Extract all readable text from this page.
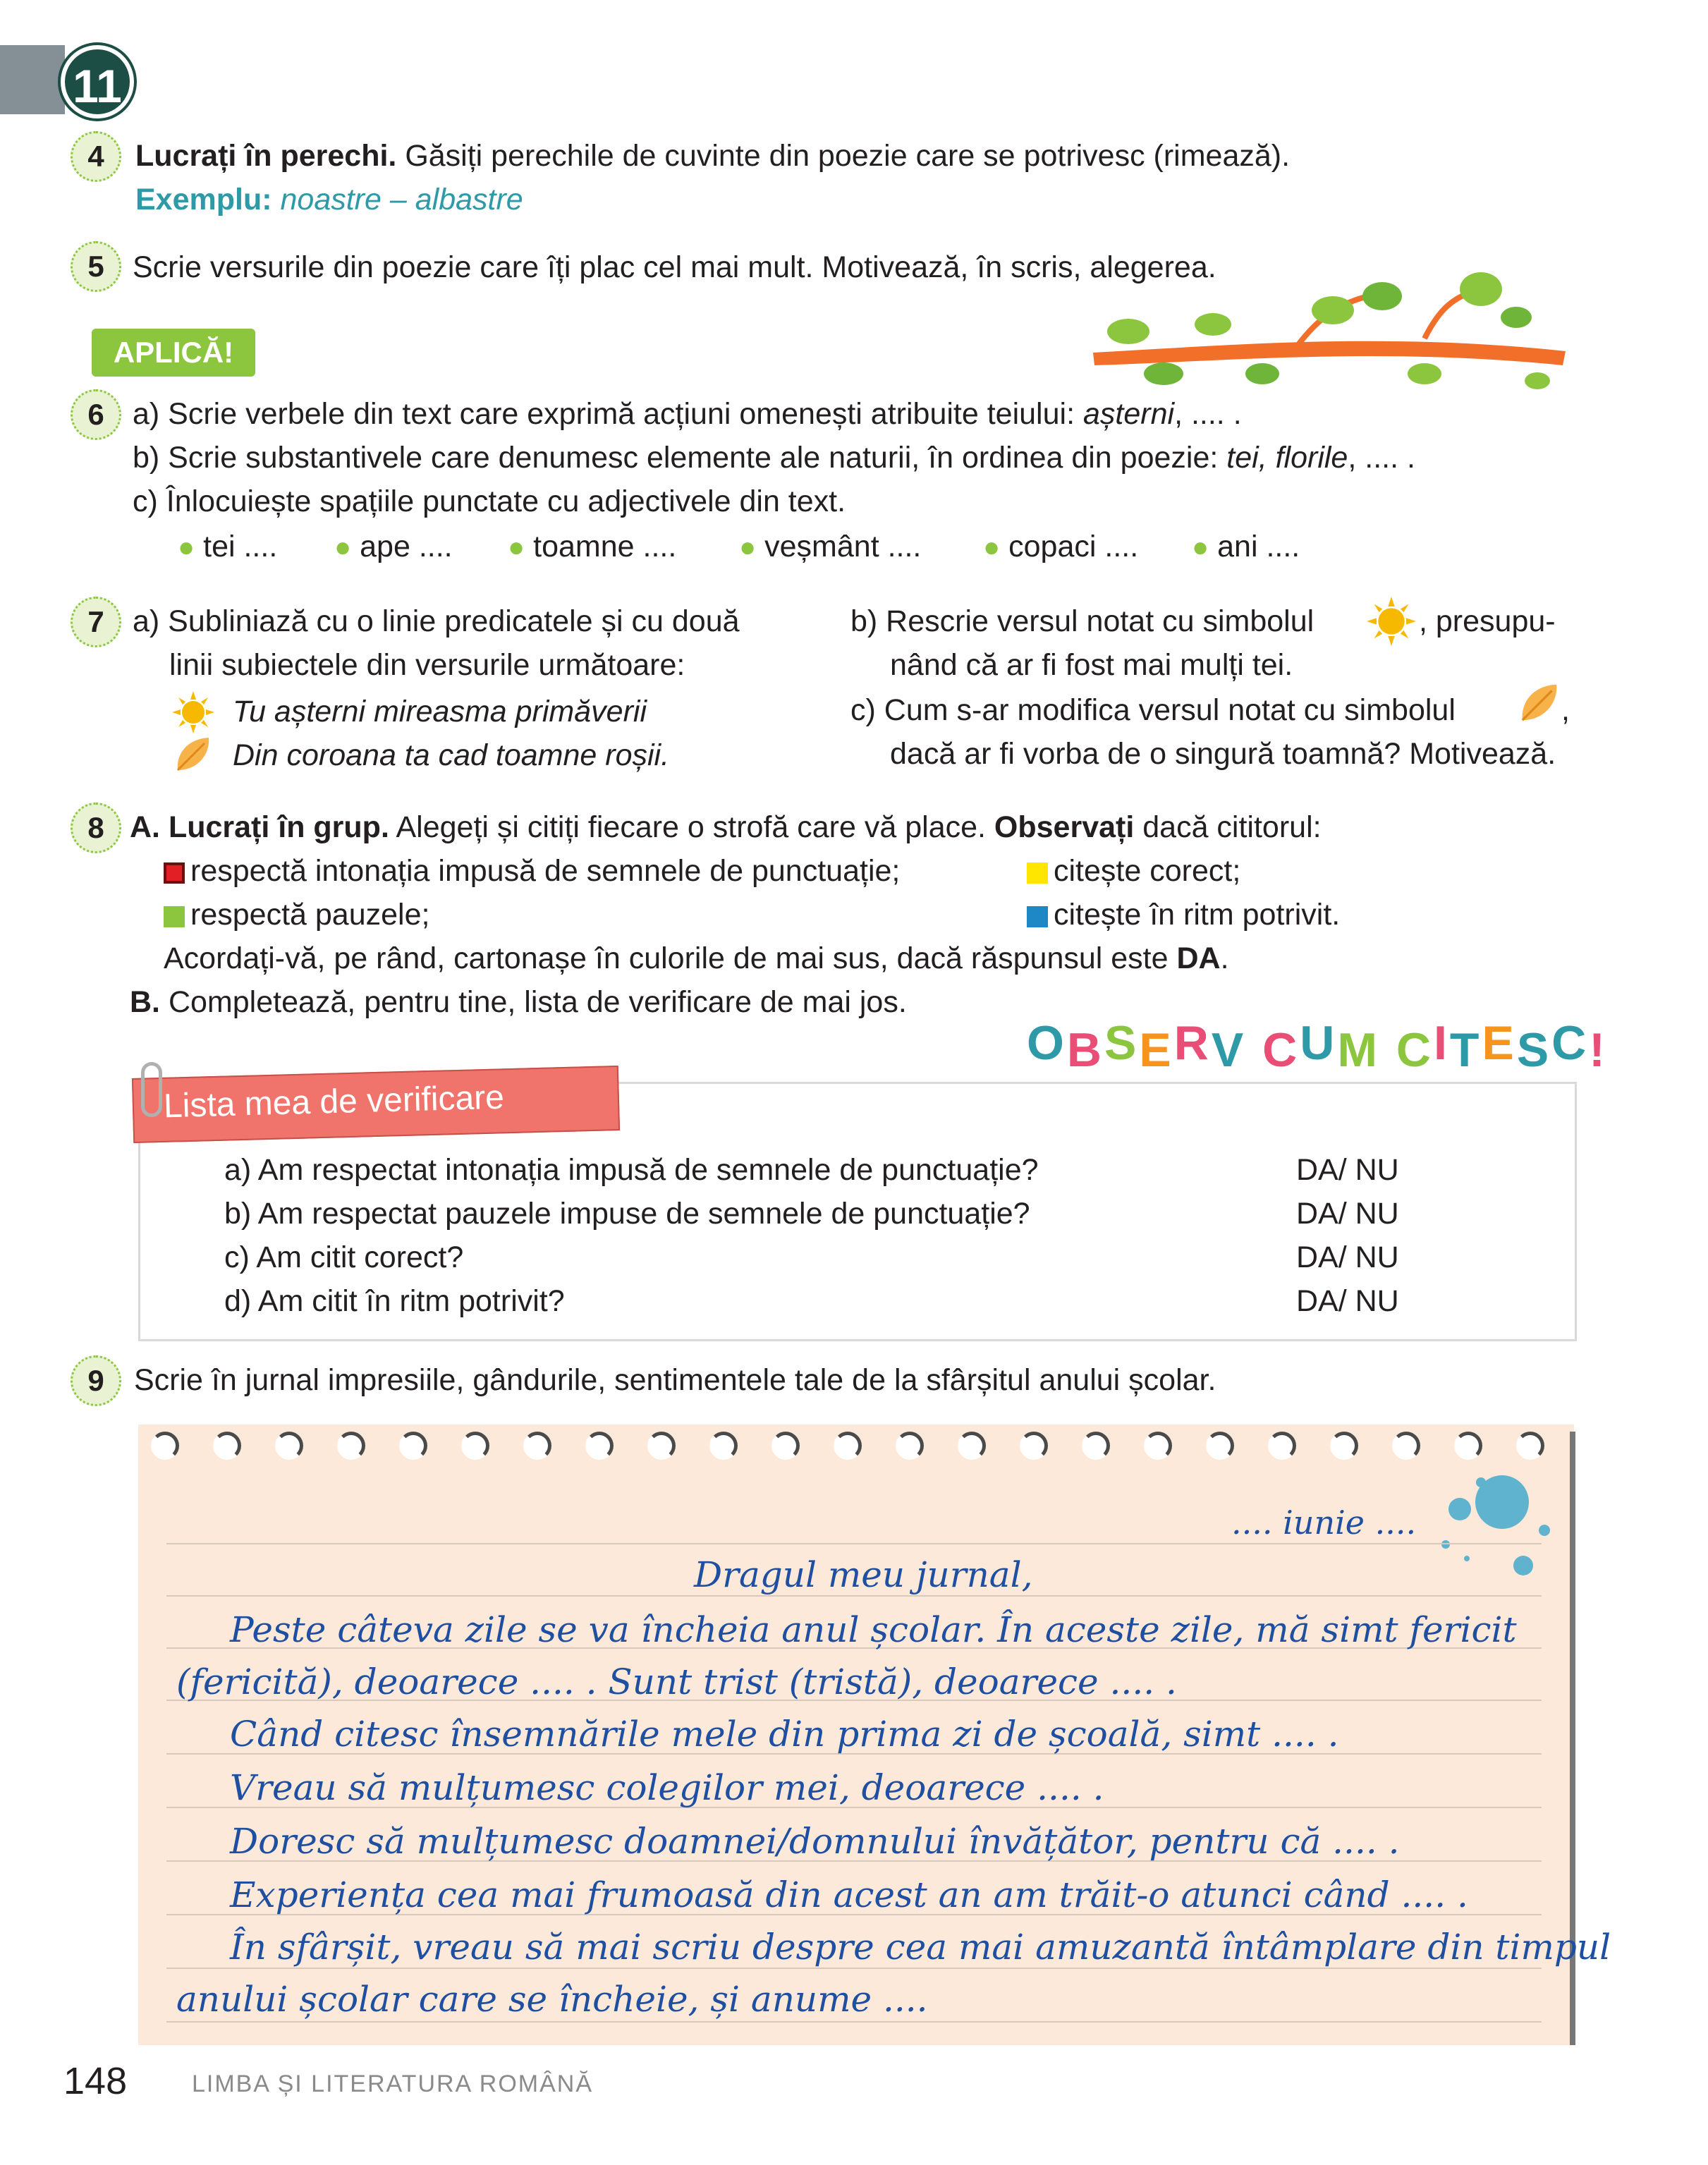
11
4	Lucrați în perechi. Găsiți perechile de cuvinte din poezie care se potrivesc (rimează).
Exemplu: noastre – albastre
5 Scrie versurile din poezie care îți plac cel mai mult. Motivează, în scris, alegerea.
APLICĂ!
6 a) Scrie verbele din text care exprimă acțiuni omenești atribuite teiului: așterni, .... .
b) Scrie substantivele care denumesc elemente ale naturii, în ordinea din poezie: tei, florile, .... .
c) Înlocuiește spațiile punctate cu adjectivele din text.
● tei .... ● ape .... ● toamne .... ● veșmânt .... ● copaci .... ● ani ....
7 a) Subliniază cu o linie predicatele și cu două
linii subiectele din versurile următoare:
Tu așterni mireasma primăverii
Din coroana ta cad toamne roșii.
b) Rescrie versul notat cu simbolul	, presupu-
nând că ar fi fost mai mulți tei.
c) Cum s-ar modifica versul notat cu simbolul	,
dacă ar fi vorba de o singură toamnă? Motivează.
8 A. Lucrați în grup. Alegeți și citiți fiecare o strofă care vă place. Observați dacă cititorul:
respectă intonația impusă de semnele de punctuație;	citește corect;
respectă pauzele;	citește în ritm potrivit.
Acordați-vă, pe rând, cartonașe în culorile de mai sus, dacă răspunsul este DA.
B. Completează, pentru tine, lista de verificare de mai jos.
OBSERV CUM CITESC!
Lista mea de verificare
a) Am respectat intonația impusă de semnele de punctuație?	DA/ NU
b) Am respectat pauzele impuse de semnele de punctuație?	DA/ NU
c) Am citit corect?	DA/ NU
d) Am citit în ritm potrivit?	DA/ NU
9 Scrie în jurnal impresiile, gândurile, sentimentele tale de la sfârșitul anului școlar.
.... iunie ....
Dragul meu jurnal,
Peste câteva zile se va încheia anul școlar. În aceste zile, mă simt fericit
(fericită), deoarece .... . Sunt trist (tristă), deoarece .... .
Când citesc însemnările mele din prima zi de școală, simt .... .
Vreau să mulțumesc colegilor mei, deoarece .... .
Doresc să mulțumesc doamnei/domnului învățător, pentru că .... .
Experiența cea mai frumoasă din acest an am trăit-o atunci când .... .
În sfârșit, vreau să mai scriu despre cea mai amuzantă întâmplare din timpul
anului școlar care se încheie, și anume ....
148	LIMBA ȘI LITERATURA ROMÂNĂ
